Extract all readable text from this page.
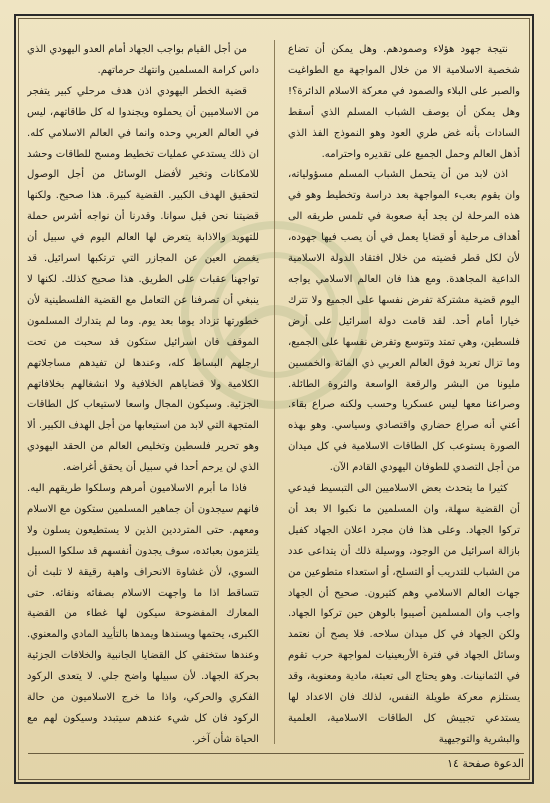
نتيجة جهود هؤلاء وصمودهم. وهل يمكن أن تضاع شخصية الاسلامية الا من خلال المواجهة مع الطواغيت والصبر على البلاء والصمود في معركة الاسلام الدائرة؟! وهل يمكن أن يوصف الشباب المسلم الذي أسقط السادات بأنه غض طري العود وهو النموذج الفذ الذي أذهل العالم وحمل الجميع على تقديره واحترامه.

اذن لابد من أن يتحمل الشباب المسلم مسؤولياته، وان يقوم بعبء المواجهة بعد دراسة وتخطيط وهو في هذه المرحلة لن يجد أية صعوبة في تلمس طريقه الى أهداف مرحلية أو قضايا يعمل في أن يصب فيها جهوده، لأن لكل قطر قضيته من خلال افتقاد الدولة الاسلامية الداعية المجاهدة. ومع هذا فان العالم الاسلامي يواجه اليوم قضية مشتركة تفرض نفسها على الجميع ولا تترك خيارا أمام أحد. لقد قامت دولة اسرائيل على أرض فلسطين، وهي تمتد وتتوسع وتفرض نفسها على الجميع، وما تزال تعربد فوق العالم العربي ذي المائة والخمسين مليونا من البشر والرقعة الواسعة والثروة الطائلة. وصراعنا معها ليس عسكريا وحسب ولكنه صراع بقاء. أعني أنه صراع حضاري واقتصادي وسياسي. وهو بهذه الصورة يستوعب كل الطاقات الاسلامية في كل ميدان من أجل التصدي للطوفان اليهودي القادم الآن.

كثيرا ما يتحدث بعض الاسلاميين الى التبسيط فيدعي أن القضية سهلة، وان المسلمين ما نكبوا الا بعد أن تركوا الجهاد. وعلى هذا فان مجرد اعلان الجهاد كفيل بازالة اسرائيل من الوجود، ووسيلة ذلك أن يتداعى عدد من الشباب للتدريب أو التسلح، أو استعداء متطوعين من جهات العالم الاسلامي وهم كثيرون. صحيح أن الجهاد واجب وان المسلمين أصيبوا بالوهن حين تركوا الجهاد. ولكن الجهاد في كل ميدان سلاحه. فلا يصح أن نعتمد وسائل الجهاد في فترة الأربعينيات لمواجهة حرب تقوم في الثمانينات. وهو يحتاج الى تعبئة، مادية ومعنوية، وقد يستلزم معركة طويلة النفس، لذلك فان الاعداد لها يستدعي تجييش كل الطاقات الاسلامية، العلمية والبشرية والتوجيهية

من أجل القيام بواجب الجهاد أمام العدو اليهودي الذي داس كرامة المسلمين وانتهك حرماتهم.

قضية الخطر اليهودي اذن هدف مرحلي كبير يتفجر من الاسلاميين أن يحملوه ويجندوا له كل طاقاتهم، ليس في العالم العربي وحده وانما في العالم الاسلامي كله. ان ذلك يستدعي عمليات تخطيط ومسح للطاقات وحشد للامكانات وتخير لأفضل الوسائل من أجل الوصول لتحقيق الهدف الكبير. القضية كبيرة. هذا صحيح. ولكنها قضيتنا نحن قبل سوانا. وقدرنا أن نواجه أشرس حملة للتهويد والاذابة يتعرض لها العالم اليوم في سبيل أن يغمض العين عن المجازر التي ترتكبها اسرائيل. قد تواجهنا عقبات على الطريق. هذا صحيح كذلك. لكنها لا ينبغي أن تصرفنا عن التعامل مع القضية الفلسطينية لأن خطورتها تزداد يوما بعد يوم. وما لم يتدارك المسلمون الموقف فان اسرائيل ستكون قد سحبت من تحت ارجلهم البساط كله، وعندها لن تفيدهم مساجلاتهم الكلامية ولا قضاياهم الخلافية ولا انشغالهم بخلافاتهم الجزئية. وسيكون المجال واسعا لاستيعاب كل الطاقات المتجهة التي لابد من استيعابها من أجل الهدف الكبير. ألا وهو تحرير فلسطين وتخليص العالم من الحقد اليهودي الذي لن يرحم أحدا في سبيل أن يحقق أغراضه.

فاذا ما أبرم الاسلاميون أمرهم وسلكوا طريقهم اليه. فانهم سيجدون أن جماهير المسلمين ستكون مع الاسلام ومعهم. حتى المترددين الذين لا يستطيعون يسلون ولا يلتزمون بعبائده، سوف يجدون أنفسهم قد سلكوا السبيل السوي، لأن غشاوة الانحراف واهية رقيقة لا تلبث أن تتساقط اذا ما واجهت الاسلام بصفائه ونقائه. حتى المعارك المفضوحة سيكون لها غطاء من القضية الكبرى، يحتمها ويسندها ويمدها بالتأييد المادي والمعنوي. وعندها ستختفي كل القضايا الجانبية والخلافات الجزئية بحركة الجهاد. لأن سبيلها واضح جلي. لا يتعدى الركود الفكري والحركي، واذا ما خرج الاسلاميون من حالة الركود فان كل شيء عندهم سيتبدد وسيكون لهم مع الحياة شأن آخر.

الدعوة صفحة ١٤
